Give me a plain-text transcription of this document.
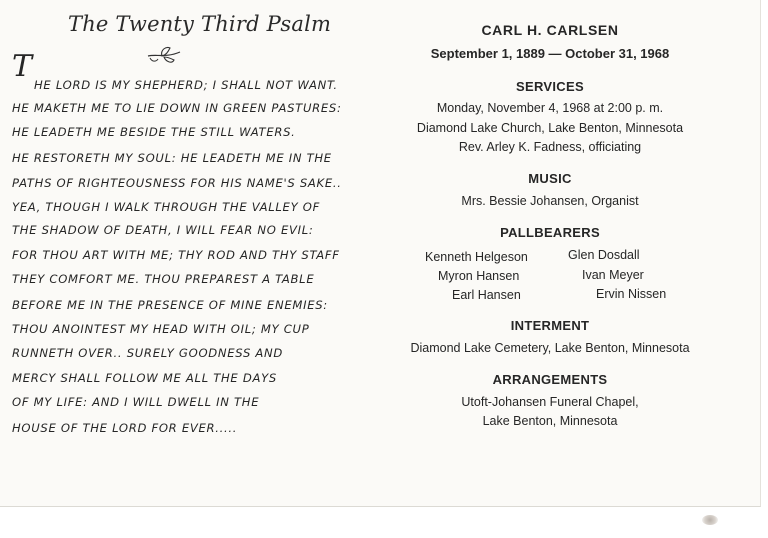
The Twenty Third Psalm
T
HE LORD IS MY SHEPHERD; I SHALL NOT WANT.
HE MAKETH ME TO LIE DOWN IN GREEN PASTURES:
HE LEADETH ME BESIDE THE STILL WATERS.
HE RESTORETH MY SOUL: HE LEADETH ME IN THE
PATHS OF RIGHTEOUSNESS FOR HIS NAME'S SAKE..
YEA, THOUGH I WALK THROUGH THE VALLEY OF
THE SHADOW OF DEATH, I WILL FEAR NO EVIL:
FOR THOU ART WITH ME; THY ROD AND THY STAFF
THEY COMFORT ME. THOU PREPAREST A TABLE
BEFORE ME IN THE PRESENCE OF MINE ENEMIES:
THOU ANOINTEST MY HEAD WITH OIL; MY CUP
RUNNETH OVER.. SURELY GOODNESS AND
MERCY SHALL FOLLOW ME ALL THE DAYS
OF MY LIFE: AND I WILL DWELL IN THE
HOUSE OF THE LORD FOR EVER.....
CARL H. CARLSEN
September 1, 1889 — October 31, 1968
SERVICES
Monday, November 4, 1968 at 2:00 p. m.
Diamond Lake Church, Lake Benton, Minnesota
Rev. Arley K. Fadness, officiating
MUSIC
Mrs. Bessie Johansen, Organist
PALLBEARERS
Kenneth Helgeson
Myron Hansen
Earl Hansen
Glen Dosdall
Ivan Meyer
Ervin Nissen
INTERMENT
Diamond Lake Cemetery, Lake Benton, Minnesota
ARRANGEMENTS
Utoft-Johansen Funeral Chapel,
Lake Benton, Minnesota
